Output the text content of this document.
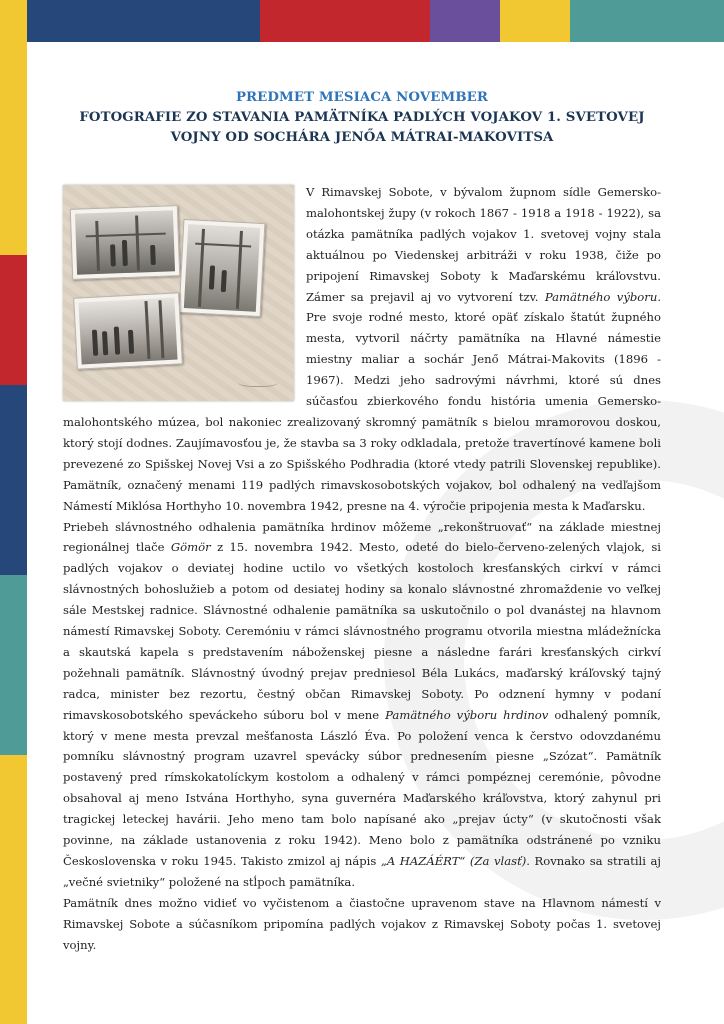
PREDMET MESIACA NOVEMBER
FOTOGRAFIE ZO STAVANIA PAMÄTNÍKA PADLÝCH VOJAKOV 1. SVETOVEJ
VOJNY OD SOCHÁRA JENŐA MÁTRAI-MAKOVITSA

V Rimavskej Sobote, v bývalom župnom sídle Gemersko-malohontskej župy (v rokoch 1867 - 1918 a 1918 - 1922), sa otázka pamätníka padlých vojakov 1. svetovej vojny stala aktuálnou po Viedenskej arbitráži v roku 1938, čiže po pripojení Rimavskej Soboty k Maďarskému kráľovstvu. Zámer sa prejavil aj vo vytvorení tzv. Pamätného výboru. Pre svoje rodné mesto, ktoré opäť získalo štatút župného mesta, vytvoril náčrty pamätníka na Hlavné námestie miestny maliar a sochár Jenő Mátrai-Makovits (1896 - 1967). Medzi jeho sadrovými návrhmi, ktoré sú dnes súčasťou zbierkového fondu história umenia Gemersko-malohontského múzea, bol nakoniec zrealizovaný skromný pamätník s bielou mramorovou doskou, ktorý stojí dodnes. Zaujímavosťou je, že stavba sa 3 roky odkladala, pretože travertínové kamene boli prevezené zo Spišskej Novej Vsi a zo Spišského Podhradia (ktoré vtedy patrili Slovenskej republike). Pamätník, označený menami 119 padlých rimavskosobotských vojakov, bol odhalený na vedľajšom Námestí Miklósa Horthyho 10. novembra 1942, presne na 4. výročie pripojenia mesta k Maďarsku.

Priebeh slávnostného odhalenia pamätníka hrdinov môžeme „rekonštruovať“ na základe miestnej regionálnej tlače Gömör z 15. novembra 1942. Mesto, odeté do bielo-červeno-zelených vlajok, si padlých vojakov o deviatej hodine uctilo vo všetkých kostoloch kresťanských cirkví v rámci slávnostných bohoslužieb a potom od desiatej hodiny sa konalo slávnostné zhromaždenie vo veľkej sále Mestskej radnice. Slávnostné odhalenie pamätníka sa uskutočnilo o pol dvanástej na hlavnom námestí Rimavskej Soboty. Ceremóniu v rámci slávnostného programu otvorila miestna mládežnícka a skautská kapela s predstavením náboženskej piesne a následne farári kresťanských cirkví požehnali pamätník. Slávnostný úvodný prejav predniesol Béla Lukács, maďarský kráľovský tajný radca, minister bez rezortu, čestný občan Rimavskej Soboty. Po odznení hymny v podaní rimavskosobotského speváckeho súboru bol v mene Pamätného výboru hrdinov odhalený pomník, ktorý v mene mesta prevzal mešťanosta László Éva. Po položení venca k čerstvo odovzdanému pomníku slávnostný program uzavrel spevácky súbor prednesením piesne „Szózat“. Pamätník postavený pred rímskokatolíckym kostolom a odhalený v rámci pompéznej ceremónie, pôvodne obsahoval aj meno Istvána Horthyho, syna guvernéra Maďarského kráľovstva, ktorý zahynul pri tragickej leteckej havárii. Jeho meno tam bolo napísané ako „prejav úcty“ (v skutočnosti však povinne, na základe ustanovenia z roku 1942). Meno bolo z pamätníka odstránené po vzniku Československa v roku 1945. Takisto zmizol aj nápis „A HAZÁÉRT“ (Za vlasť). Rovnako sa stratili aj „večné svietniky“ položené na stĺpoch pamätníka.

Pamätník dnes možno vidieť vo vyčistenom a čiastočne upravenom stave na Hlavnom námestí v Rimavskej Sobote a súčasníkom pripomína padlých vojakov z Rimavskej Soboty počas 1. svetovej vojny.
